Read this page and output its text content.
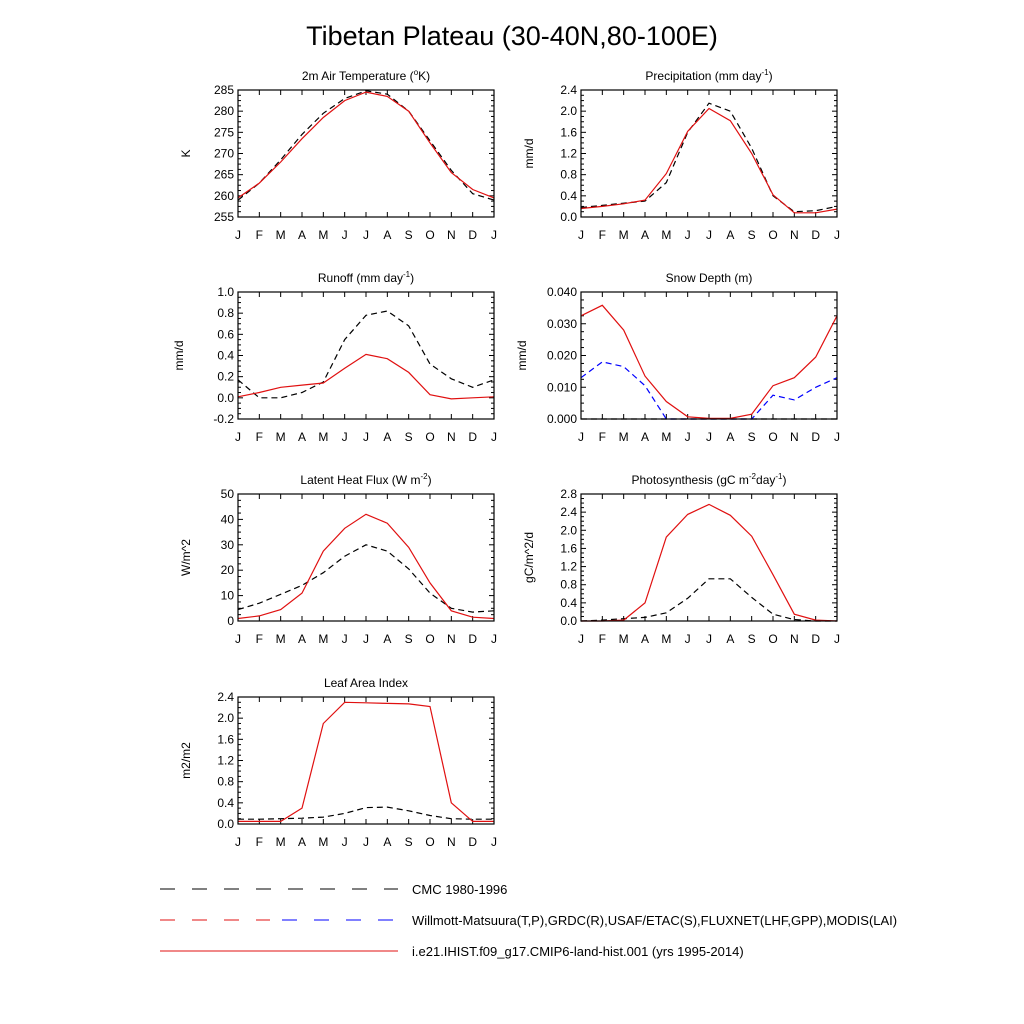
Tibetan Plateau (30-40N,80-100E)
2m Air Temperature ($^o$K)
K
255
260
265
270
275
280
285
J F M A M J J A S O N D J
Precipitation (mm day$^{-1}$)
mm/d
0.0
0.4
0.8
1.2
1.6
2.0
2.4
J F M A M J J A S O N D J
Runoff (mm day$^{-1}$)
mm/d
-0.2
0.0
0.2
0.4
0.6
0.8
1.0
J F M A M J J A S O N D J
Snow Depth (m)
mm/d
0.000
0.010
0.020
0.030
0.040
J F M A M J J A S O N D J
Latent Heat Flux (W $m^{-2}$)
W/m^2
0
10
20
30
40
50
J F M A M J J A S O N D J
Photosynthesis (gC $m^{-2}day^{-1}$)
gC/m^2/d
0.0
0.4
0.8
1.2
1.6
2.0
2.4
2.8
J F M A M J J A S O N D J
Leaf Area Index
m2/m2
0.0
0.4
0.8
1.2
1.6
2.0
2.4
J F M A M J J A S O N D J
CMC 1980-1996
Willmott-Matsuura(T,P),GRDC(R),USAF/ETAC(S),FLUXNET(LHF,GPP),MODIS(LAI)
i.e21.IHIST.f09_g17.CMIP6-land-hist.001 (yrs 1995-2014)
